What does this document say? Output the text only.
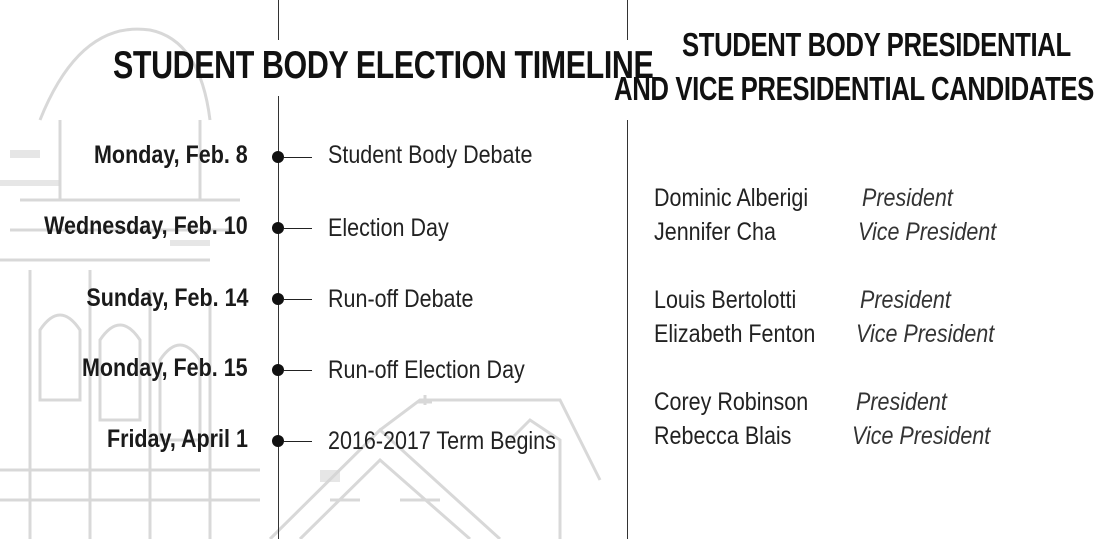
STUDENT BODY ELECTION TIMELINE
Monday, Feb. 8	Student Body Debate
Wednesday, Feb. 10	Election Day
Sunday, Feb. 14	Run-off Debate
Monday, Feb. 15	Run-off Election Day
Friday, April 1	2016-2017 Term Begins
STUDENT BODY PRESIDENTIAL
AND VICE PRESIDENTIAL CANDIDATES
Dominic Alberigi President
Jennifer Cha	Vice President
Louis Bertolotti	President
Elizabeth Fenton Vice President
Corey Robinson President
Rebecca Blais Vice President
